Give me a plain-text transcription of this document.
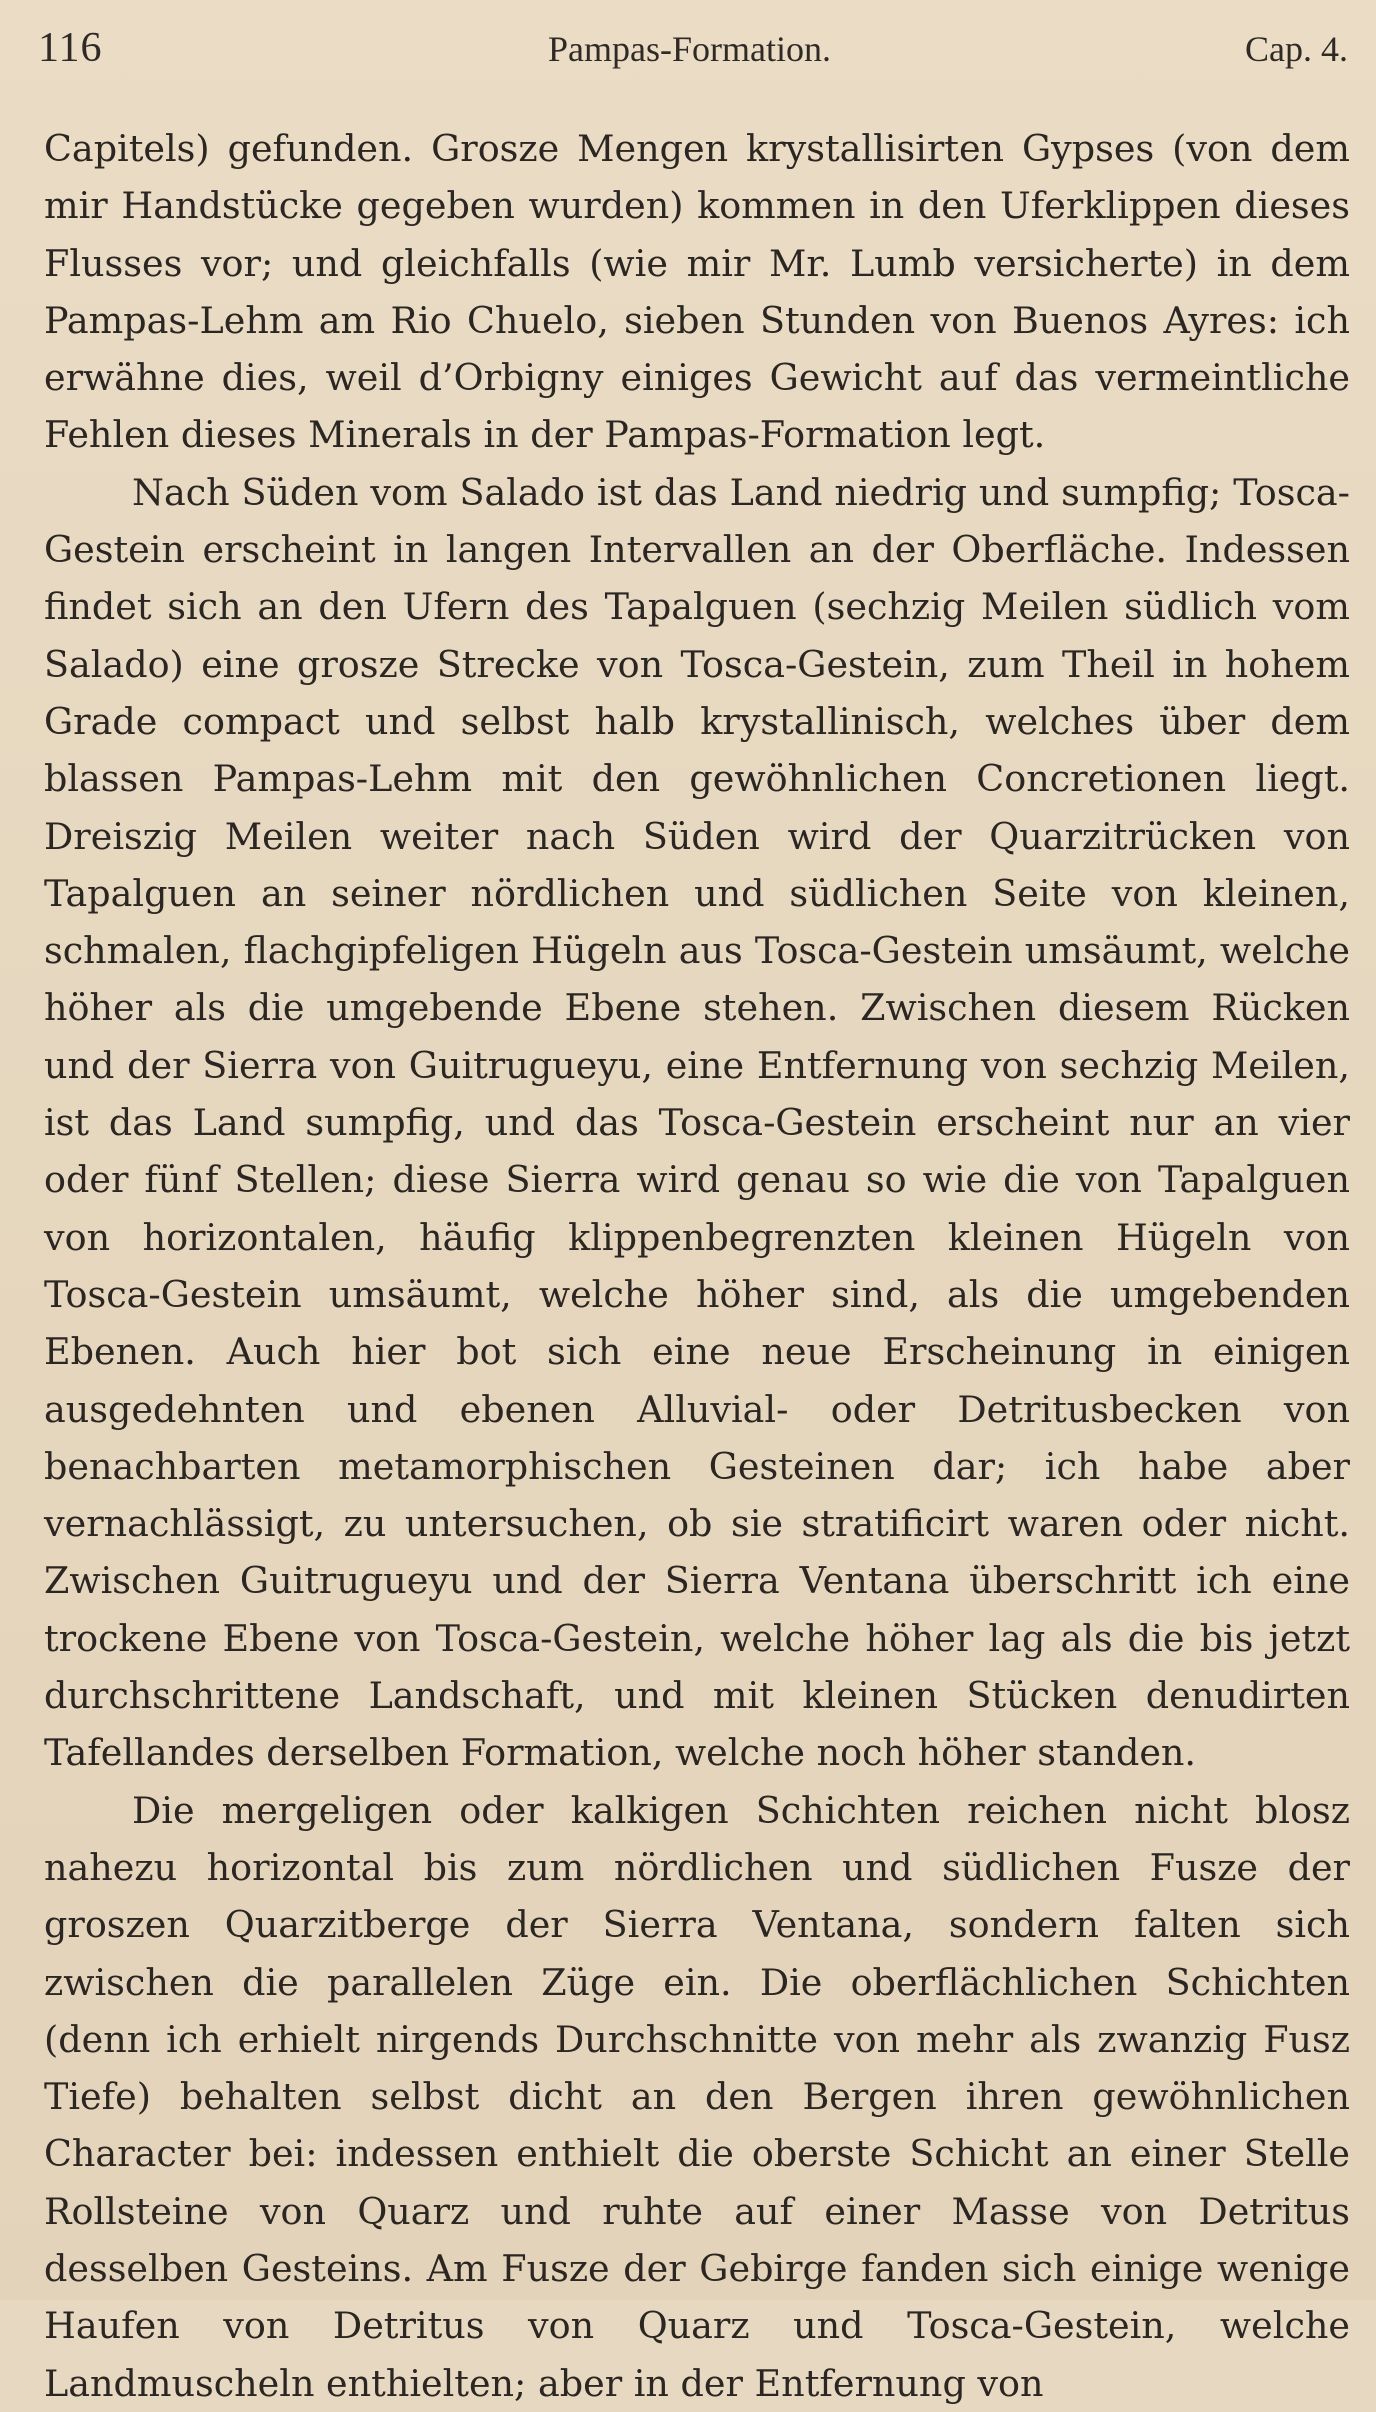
116	Pampas-Formation.	Cap. 4.

Capitels) gefunden. Grosze Mengen krystallisirten Gypses (von dem mir Handstücke gegeben wurden) kommen in den Uferklippen dieses Flusses vor; und gleichfalls (wie mir Mr. Lumb versicherte) in dem Pampas-Lehm am Rio Chuelo, sieben Stunden von Buenos Ayres: ich erwähne dies, weil d’Orbigny einiges Gewicht auf das vermeintliche Fehlen dieses Minerals in der Pampas-Formation legt.

Nach Süden vom Salado ist das Land niedrig und sumpfig; Tosca-Gestein erscheint in langen Intervallen an der Oberfläche. Indessen findet sich an den Ufern des Tapalguen (sechzig Meilen südlich vom Salado) eine grosze Strecke von Tosca-Gestein, zum Theil in hohem Grade compact und selbst halb krystallinisch, welches über dem blassen Pampas-Lehm mit den gewöhnlichen Concretionen liegt. Dreiszig Meilen weiter nach Süden wird der Quarzitrücken von Tapalguen an seiner nördlichen und südlichen Seite von kleinen, schmalen, flachgipfeligen Hügeln aus Tosca-Gestein umsäumt, welche höher als die umgebende Ebene stehen. Zwischen diesem Rücken und der Sierra von Guitrugueyu, eine Entfernung von sechzig Meilen, ist das Land sumpfig, und das Tosca-Gestein erscheint nur an vier oder fünf Stellen; diese Sierra wird genau so wie die von Tapalguen von horizontalen, häufig klippenbegrenzten kleinen Hügeln von Tosca-Gestein umsäumt, welche höher sind, als die umgebenden Ebenen. Auch hier bot sich eine neue Erscheinung in einigen ausgedehnten und ebenen Alluvial- oder Detritusbecken von benachbarten metamorphischen Gesteinen dar; ich habe aber vernachlässigt, zu untersuchen, ob sie stratificirt waren oder nicht. Zwischen Guitrugueyu und der Sierra Ventana überschritt ich eine trockene Ebene von Tosca-Gestein, welche höher lag als die bis jetzt durchschrittene Landschaft, und mit kleinen Stücken denudirten Tafellandes derselben Formation, welche noch höher standen.

Die mergeligen oder kalkigen Schichten reichen nicht blosz nahezu horizontal bis zum nördlichen und südlichen Fusze der groszen Quarzitberge der Sierra Ventana, sondern falten sich zwischen die parallelen Züge ein. Die oberflächlichen Schichten (denn ich erhielt nirgends Durchschnitte von mehr als zwanzig Fusz Tiefe) behalten selbst dicht an den Bergen ihren gewöhnlichen Character bei: indessen enthielt die oberste Schicht an einer Stelle Rollsteine von Quarz und ruhte auf einer Masse von Detritus desselben Gesteins. Am Fusze der Gebirge fanden sich einige wenige Haufen von Detritus von Quarz und Tosca-Gestein, welche Landmuscheln enthielten; aber in der Entfernung von
